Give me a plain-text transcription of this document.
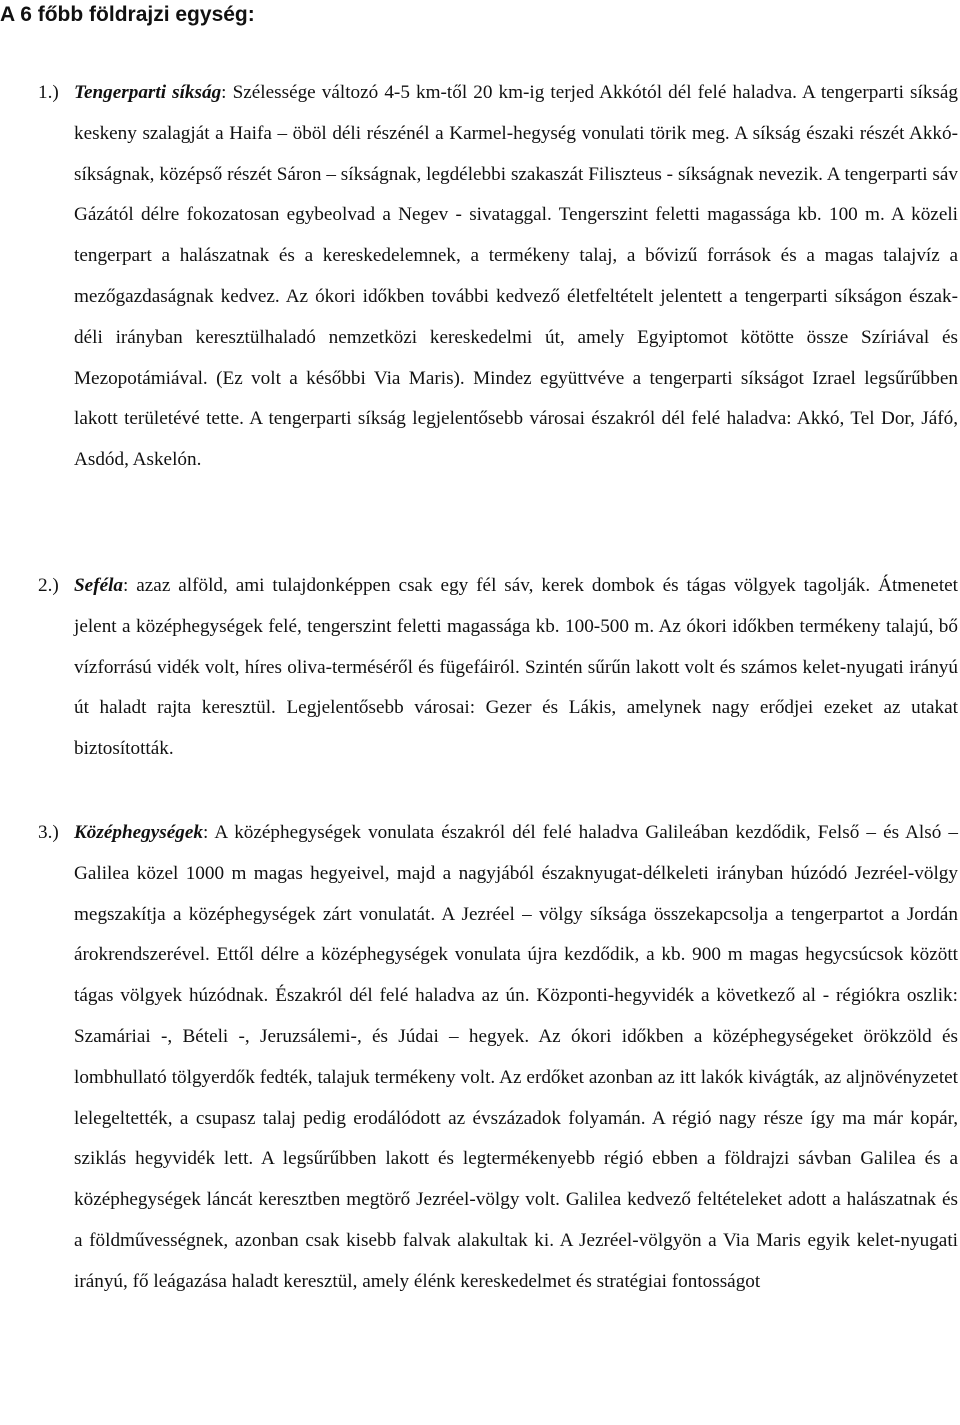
A 6 főbb földrajzi egység:

1.) Tengerparti síkság: Szélessége változó 4-5 km-től 20 km-ig terjed Akkótól dél felé haladva. A tengerparti síkság keskeny szalagját a Haifa – öböl déli részénél a Karmel-hegység vonulati törik meg. A síkság északi részét Akkó-síkságnak, középső részét Sáron – síkságnak, legdélebbi szakaszát Filiszteus - síkságnak nevezik. A tengerparti sáv Gázától délre fokozatosan egybeolvad a Negev - sivataggal. Tengerszint feletti magassága kb. 100 m. A közeli tengerpart a halászatnak és a kereskedelemnek, a termékeny talaj, a bővizű források és a magas talajvíz a mezőgazdaságnak kedvez. Az ókori időkben további kedvező életfeltételt jelentett a tengerparti síkságon észak-déli irányban keresztülhaladó nemzetközi kereskedelmi út, amely Egyiptomot kötötte össze Szíriával és Mezopotámiával. (Ez volt a későbbi Via Maris). Mindez együttvéve a tengerparti síkságot Izrael legsűrűbben lakott területévé tette. A tengerparti síkság legjelentősebb városai északról dél felé haladva: Akkó, Tel Dor, Jáfó, Asdód, Askelón.

2.) Seféla: azaz alföld, ami tulajdonképpen csak egy fél sáv, kerek dombok és tágas völgyek tagolják. Átmenetet jelent a középhegységek felé, tengerszint feletti magassága kb. 100-500 m. Az ókori időkben termékeny talajú, bő vízforrású vidék volt, híres oliva-terméséről és fügefáiról. Szintén sűrűn lakott volt és számos kelet-nyugati irányú út haladt rajta keresztül. Legjelentősebb városai: Gezer és Lákis, amelynek nagy erődjei ezeket az utakat biztosították.

3.) Középhegységek: A középhegységek vonulata északról dél felé haladva Galileában kezdődik, Felső – és Alsó – Galilea közel 1000 m magas hegyeivel, majd a nagyjából északnyugat-délkeleti irányban húzódó Jezréel-völgy megszakítja a középhegységek zárt vonulatát. A Jezréel – völgy síksága összekapcsolja a tengerpartot a Jordán árokrendszerével. Ettől délre a középhegységek vonulata újra kezdődik, a kb. 900 m magas hegycsúcsok között tágas völgyek húzódnak. Északról dél felé haladva az ún. Központi-hegyvidék a következő al - régiókra oszlik: Szamáriai -, Bételi -, Jeruzsálemi-, és Júdai – hegyek. Az ókori időkben a középhegységeket örökzöld és lombhullató tölgyerdők fedték, talajuk termékeny volt. Az erdőket azonban az itt lakók kivágták, az aljnövényzetet lelegeltették, a csupasz talaj pedig erodálódott az évszázadok folyamán. A régió nagy része így ma már kopár, sziklás hegyvidék lett. A legsűrűbben lakott és legtermékenyebb régió ebben a földrajzi sávban Galilea és a középhegységek láncát keresztben megtörő Jezréel-völgy volt. Galilea kedvező feltételeket adott a halászatnak és a földművességnek, azonban csak kisebb falvak alakultak ki. A Jezréel-völgyön a Via Maris egyik kelet-nyugati irányú, fő leágazása haladt keresztül, amely élénk kereskedelmet és stratégiai fontosságot
